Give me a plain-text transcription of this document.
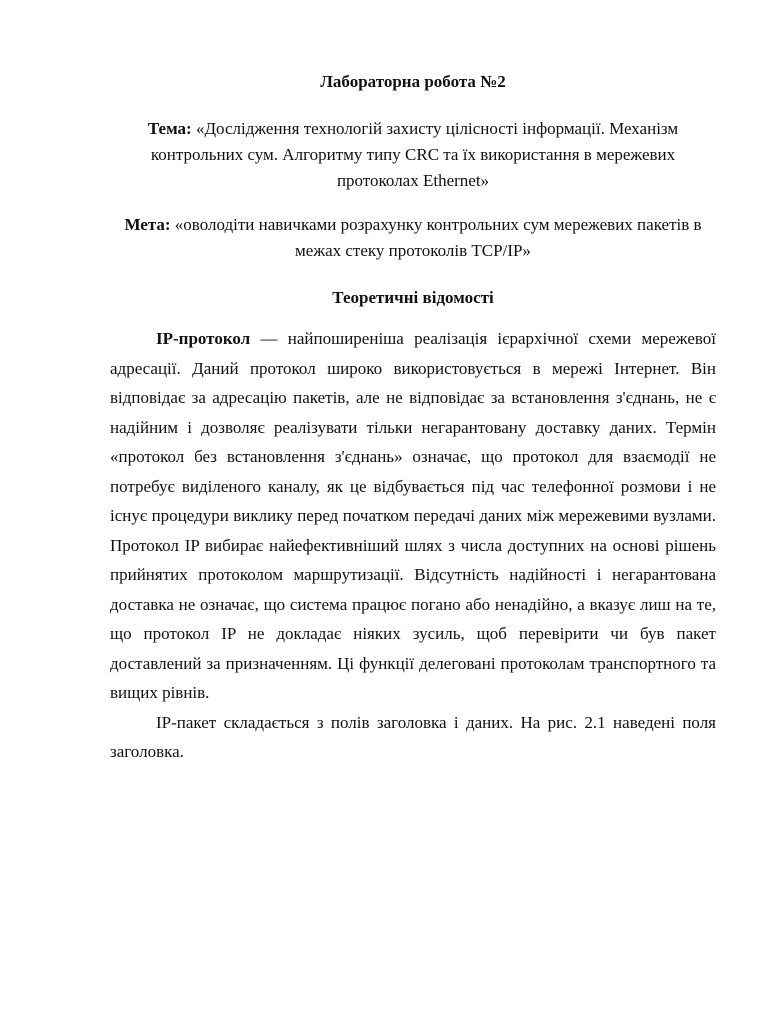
Лабораторна робота №2
Тема: «Дослідження технологій захисту цілісності інформації. Механізм контрольних сум. Алгоритму типу CRC та їх використання в мережевих протоколах Ethernet»
Мета: «оволодіти навичками розрахунку контрольних сум мережевих пакетів в межах стеку протоколів TCP/IP»
Теоретичні відомості

IP-протокол — найпоширеніша реалізація ієрархічної схеми мережевої адресації. Даний протокол широко використовується в мережі Інтернет. Він відповідає за адресацію пакетів, але не відповідає за встановлення з'єднань, не є надійним і дозволяє реалізувати тільки негарантовану доставку даних. Термін «протокол без встановлення з'єднань» означає, що протокол для взаємодії не потребує виділеного каналу, як це відбувається під час телефонної розмови і не існує процедури виклику перед початком передачі даних між мережевими вузлами. Протокол IP вибирає найефективніший шлях з числа доступних на основі рішень прийнятих протоколом маршрутизації. Відсутність надійності і негарантована доставка не означає, що система працює погано або ненадійно, а вказує лиш на те, що протокол IP не докладає ніяких зусиль, щоб перевірити чи був пакет доставлений за призначенням. Ці функції делеговані протоколам транспортного та вищих рівнів.

IP-пакет складається з полів заголовка і даних. На рис. 2.1 наведені поля заголовка.
